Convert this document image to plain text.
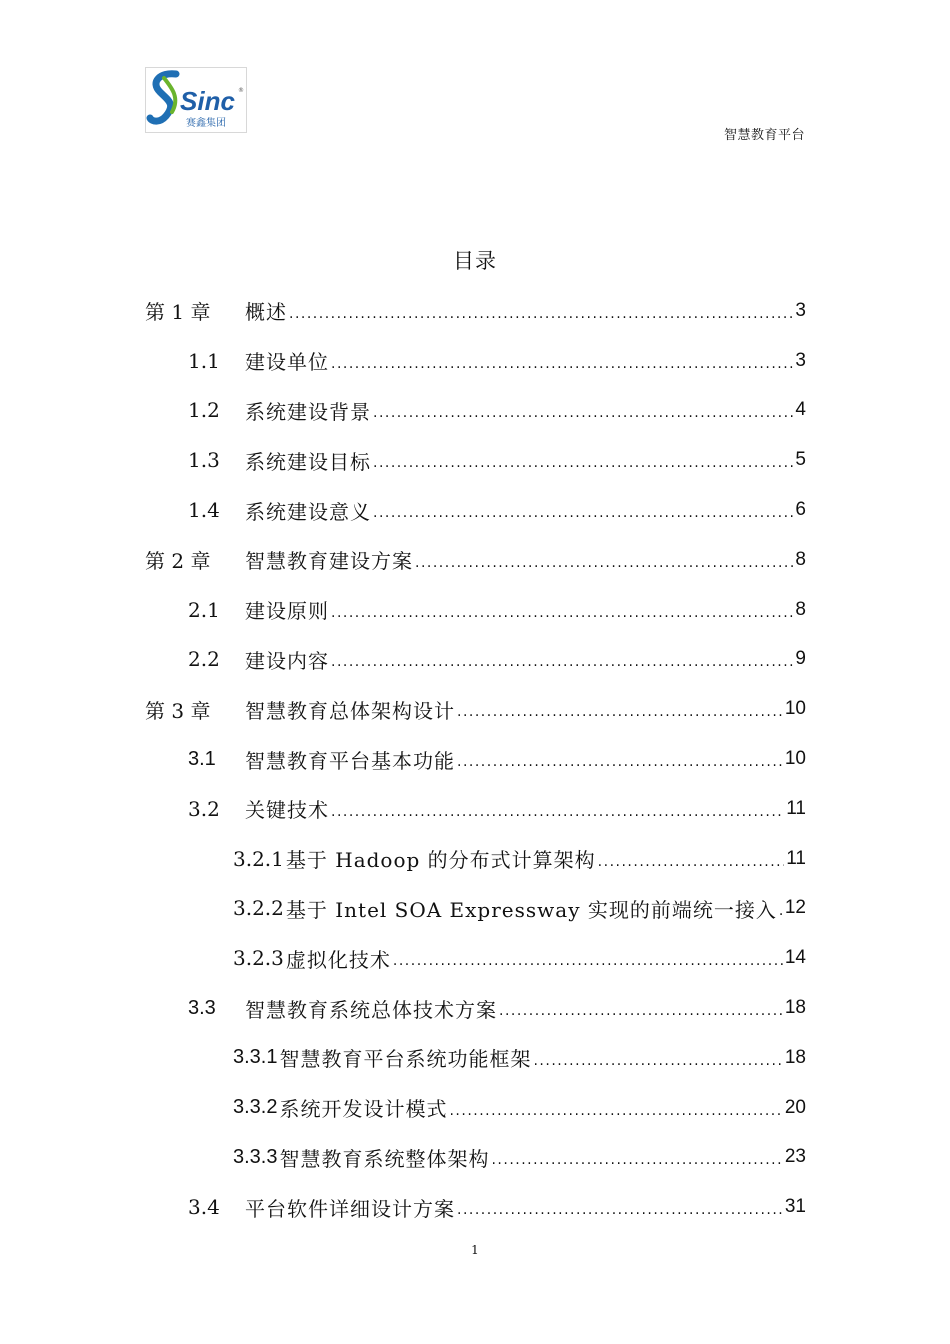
Sinc ®
赛鑫集团
智慧教育平台
目录
第 1 章	概述 .....	3
1.1	建设单位 .....	3
1.2	系统建设背景 .....	4
1.3	系统建设目标 .....	5
1.4	系统建设意义 .....	6
第 2 章	智慧教育建设方案 .....	8
2.1	建设原则 .....	8
2.2	建设内容 .....	9
第 3 章	智慧教育总体架构设计 .....	10
3.1	智慧教育平台基本功能 .....	10
3.2	关键技术 .....	11
3.2.1 基于 Hadoop 的分布式计算架构 .....	11
3.2.2 基于 Intel SOA Expressway 实现的前端统一接入 ..... 12
3.2.3 虚拟化技术 .....	14
3.3	智慧教育系统总体技术方案 .....	18
3.3.1 智慧教育平台系统功能框架 .....	18
3.3.2 系统开发设计模式 .....	20
3.3.3 智慧教育系统整体架构 .....	23
3.4	平台软件详细设计方案 .....	31
1
